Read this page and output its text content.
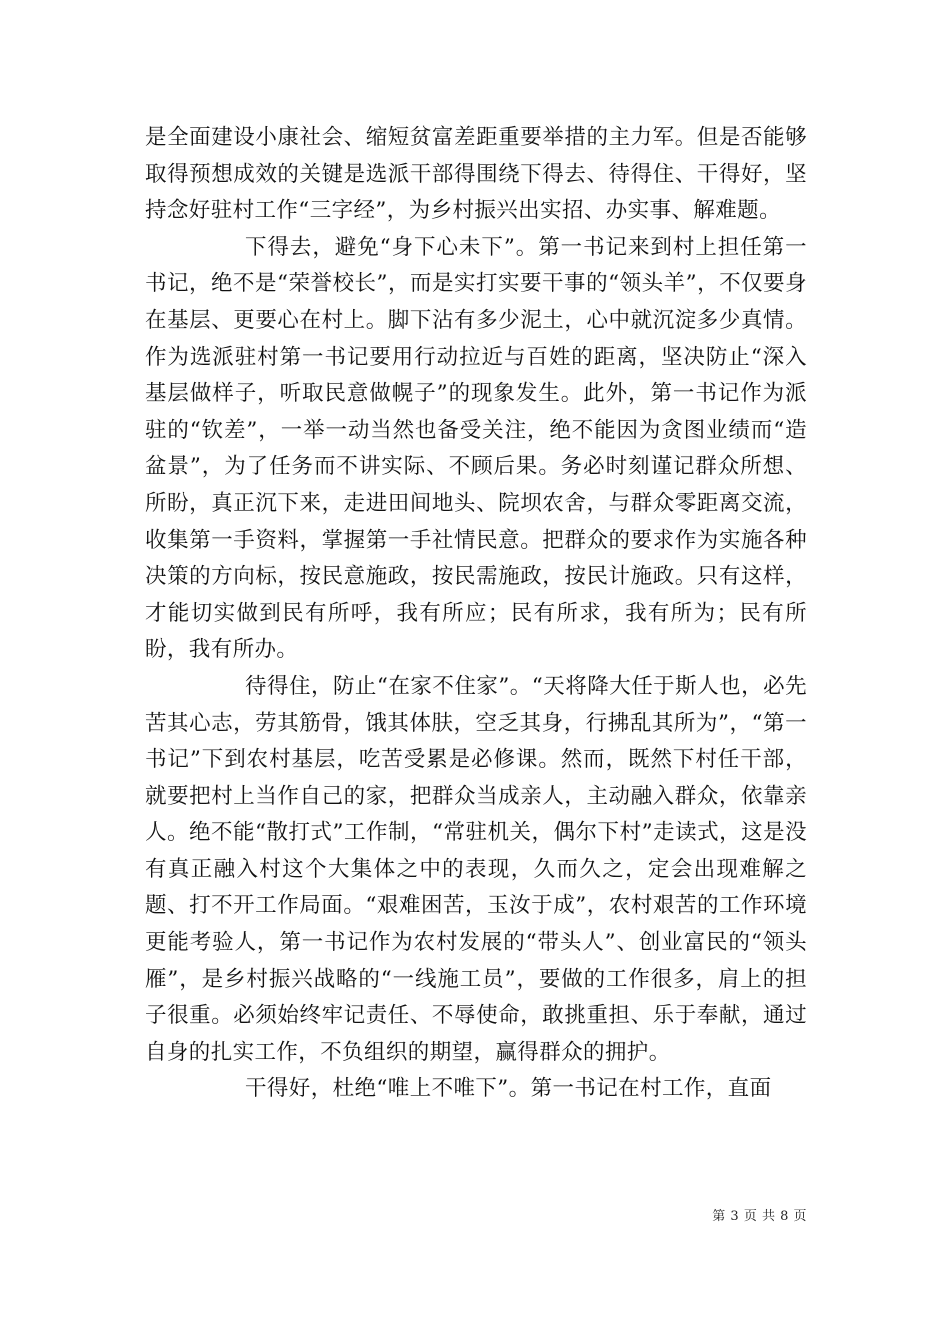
是全面建设小康社会、缩短贫富差距重要举措的主力军。但是否能够取得预想成效的关键是选派干部得围绕下得去、待得住、干得好，坚持念好驻村工作“三字经”，为乡村振兴出实招、办实事、解难题。

下得去，避免“身下心未下”。第一书记来到村上担任第一书记，绝不是“荣誉校长”，而是实打实要干事的“领头羊”，不仅要身在基层、更要心在村上。脚下沾有多少泥土，心中就沉淀多少真情。作为选派驻村第一书记要用行动拉近与百姓的距离，坚决防止“深入基层做样子，听取民意做幌子”的现象发生。此外，第一书记作为派驻的“钦差”，一举一动当然也备受关注，绝不能因为贪图业绩而“造盆景”，为了任务而不讲实际、不顾后果。务必时刻谨记群众所想、所盼，真正沉下来，走进田间地头、院坝农舍，与群众零距离交流，收集第一手资料，掌握第一手社情民意。把群众的要求作为实施各种决策的方向标，按民意施政，按民需施政，按民计施政。只有这样，才能切实做到民有所呼，我有所应；民有所求，我有所为；民有所盼，我有所办。

待得住，防止“在家不住家”。“天将降大任于斯人也，必先苦其心志，劳其筋骨，饿其体肤，空乏其身，行拂乱其所为”，“第一书记”下到农村基层，吃苦受累是必修课。然而，既然下村任干部，就要把村上当作自己的家，把群众当成亲人，主动融入群众，依靠亲人。绝不能“散打式”工作制，“常驻机关，偶尔下村”走读式，这是没有真正融入村这个大集体之中的表现，久而久之，定会出现难解之题、打不开工作局面。“艰难困苦，玉汝于成”，农村艰苦的工作环境更能考验人，第一书记作为农村发展的“带头人”、创业富民的“领头雁”，是乡村振兴战略的“一线施工员”，要做的工作很多，肩上的担子很重。必须始终牢记责任、不辱使命，敢挑重担、乐于奉献，通过自身的扎实工作，不负组织的期望，赢得群众的拥护。

干得好，杜绝“唯上不唯下”。第一书记在村工作，直面

第 3 页 共 8 页
